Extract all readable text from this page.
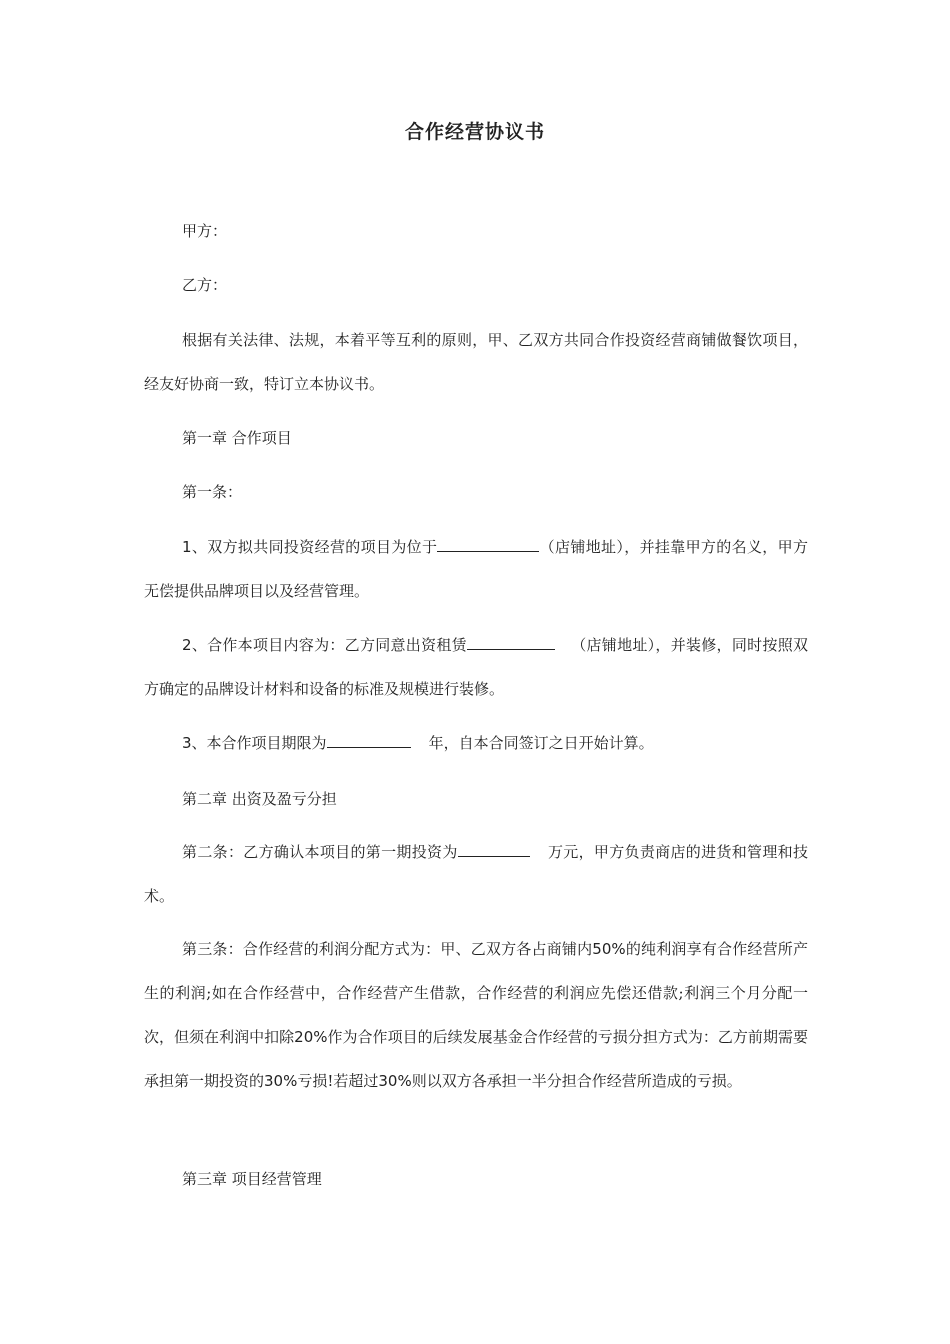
合作经营协议书
甲方：
乙方：
根据有关法律、法规，本着平等互利的原则，甲、乙双方共同合作投资经营商铺做餐饮项目，经友好协商一致，特订立本协议书。
第一章 合作项目
第一条：
1、双方拟共同投资经营的项目为位于	（店铺地址），并挂靠甲方的名义，甲方无偿提供品牌项目以及经营管理。
2、合作本项目内容为：乙方同意出资租赁	（店铺地址），并装修，同时按照双方确定的品牌设计材料和设备的标准及规模进行装修。
3、本合作项目期限为	年，自本合同签订之日开始计算。
第二章 出资及盈亏分担
第二条：乙方确认本项目的第一期投资为	万元，甲方负责商店的进货和管理和技术。
第三条：合作经营的利润分配方式为：甲、乙双方各占商铺内50%的纯利润享有合作经营所产生的利润;如在合作经营中，合作经营产生借款，合作经营的利润应先偿还借款;利润三个月分配一次，但须在利润中扣除20%作为合作项目的后续发展基金合作经营的亏损分担方式为：乙方前期需要承担第一期投资的30%亏损!若超过30%则以双方各承担一半分担合作经营所造成的亏损。
第三章 项目经营管理
